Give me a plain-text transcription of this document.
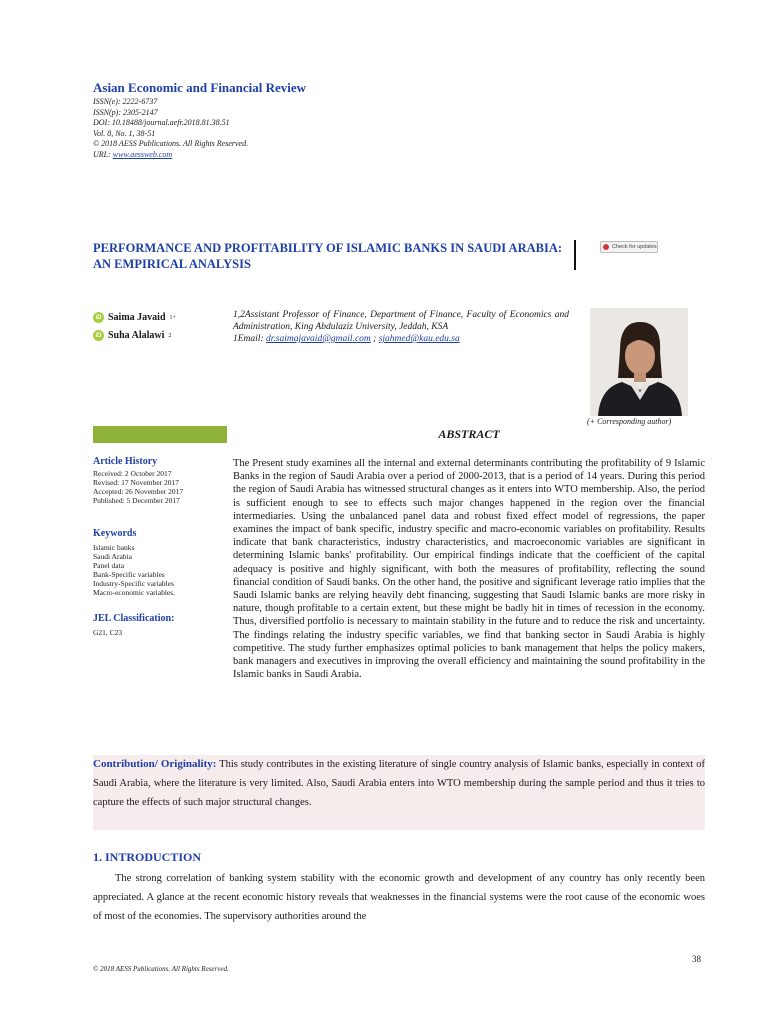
Asian Economic and Financial Review
ISSN(e): 2222-6737
ISSN(p): 2305-2147
DOI: 10.18488/journal.aefr.2018.81.38.51
Vol. 8, No. 1, 38-51
© 2018 AESS Publications. All Rights Reserved.
URL: www.aessweb.com
PERFORMANCE AND PROFITABILITY OF ISLAMIC BANKS IN SAUDI ARABIA: AN EMPIRICAL ANALYSIS
Check for updates
iD Saima Javaid 1+
iD Suha Alalawi 2
1,2Assistant Professor of Finance, Department of Finance, Faculty of Economics and Administration, King Abdulaziz University, Jeddah, KSA
1Email: dr.saimajavaid@gmail.com ; sjahmed@kau.edu.sa
(+ Corresponding author)
ABSTRACT
Article History
Received: 2 October 2017
Revised: 17 November 2017
Accepted: 26 November 2017
Published: 5 December 2017
Keywords
Islamic banks
Saudi Arabia
Panel data
Bank-Specific variables
Industry-Specific variables
Macro-economic variables.
JEL Classification:
G21, C23
The Present study examines all the internal and external determinants contributing the profitability of 9 Islamic Banks in the region of Saudi Arabia over a period of 2000-2013, that is a period of 14 years. During this period the region of Saudi Arabia has witnessed structural changes as it enters into WTO membership. Also, the period is sufficient enough to see to effects such major changes happened in the region over the financial intermediaries. Using the unbalanced panel data and robust fixed effect model of regressions, the paper examines the impact of bank specific, industry specific and macro-economic variables on profitability. Results indicate that bank characteristics, industry characteristics, and macroeconomic variables are significant in determining Islamic banks' profitability. Our empirical findings indicate that the coefficient of the capital adequacy is positive and highly significant, with both the measures of profitability, reflecting the sound financial condition of Saudi banks. On the other hand, the positive and significant leverage ratio implies that the Saudi Islamic banks are relying heavily debt financing, suggesting that Saudi Islamic banks are more risky in nature, though profitable to a certain extent, but these might be badly hit in times of recession in the economy. Thus, diversified portfolio is necessary to maintain stability in the future and to reduce the risk and uncertainty. The findings relating the industry specific variables, we find that banking sector in Saudi Arabia is highly competitive. The study further emphasizes optimal policies to bank management that helps the policy makers, bank managers and executives in improving the overall efficiency and maintaining the sound profitability in the Islamic banks in Saudi Arabia.
Contribution/ Originality: This study contributes in the existing literature of single country analysis of Islamic banks, especially in context of Saudi Arabia, where the literature is very limited. Also, Saudi Arabia enters into WTO membership during the sample period and thus it tries to capture the effects of such major structural changes.
1. INTRODUCTION
The strong correlation of banking system stability with the economic growth and development of any country has only recently been appreciated. A glance at the recent economic history reveals that weaknesses in the financial systems were the root cause of the economic woes of most of the economies. The supervisory authorities around the
38
© 2018 AESS Publications. All Rights Reserved.
